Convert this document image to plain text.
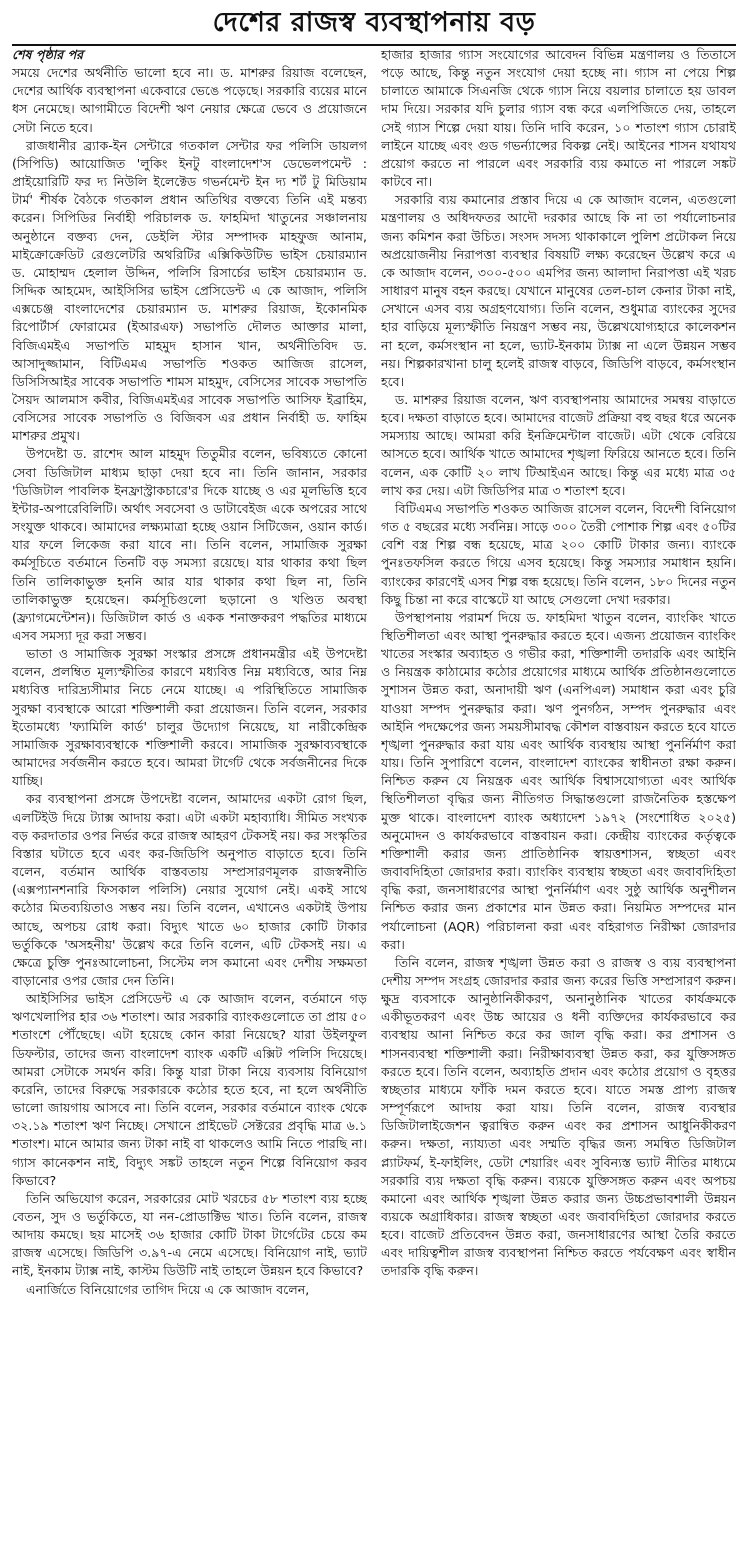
দেশের রাজস্ব ব্যবস্থাপনায় বড়

শেষ পৃষ্ঠার পর

সময়ে দেশের অর্থনীতি ভালো হবে না। ড. মাশরুর রিয়াজ বলেছেন, দেশের আর্থিক ব্যবস্থাপনা একেবারে ভেঙে পড়েছে। সরকারি ব্যয়ের মানে ধস নেমেছে। আগামীতে বিদেশী ঋণ নেয়ার ক্ষেত্রে ভেবে ও প্রয়োজনে সেটা নিতে হবে।

রাজধানীর ব্র্যাক-ইন সেন্টারে গতকাল সেন্টার ফর পলিসি ডায়লগ (সিপিডি) আয়োজিত 'লুকিং ইনটু বাংলাদেশ'স ডেভেলপমেন্ট : প্রাইয়োরিটি ফর দ্য নিউলি ইলেক্টেড গভর্নমেন্ট ইন দ্য শর্ট টু মিডিয়াম টার্ম' শীর্ষক বৈঠকে গতকাল প্রধান অতিথির বক্তব্যে তিনি এই মন্তব্য করেন। সিপিডির নির্বাহী পরিচালক ড. ফাহমিদা খাতুনের সঞ্চালনায় অনুষ্ঠানে বক্তব্য দেন, ডেইলি স্টার সম্পাদক মাহফুজ আনাম, মাইক্রোক্রেডিট রেগুলেটরি অথরিটির এক্সিকিউটিভ ভাইস চেয়ারম্যান ড. মোহাম্মদ হেলাল উদ্দিন, পলিসি রিসার্চের ভাইস চেয়ারম্যান ড. সিদ্দিক আহমেদ, আইসিসির ভাইস প্রেসিডেন্ট এ কে আজাদ, পলিসি এক্সচেঞ্জ বাংলাদেশের চেয়ারম্যান ড. মাশরুর রিয়াজ, ইকোনমিক রিপোর্টার্স ফোরামের (ইআরএফ) সভাপতি দৌলত আক্তার মালা, বিজিএমইএ সভাপতি মাহমুদ হাসান খান, অর্থনীতিবিদ ড. আসাদুজ্জামান, বিটিএমএ সভাপতি শওকত আজিজ রাসেল, ডিসিসিআইর সাবেক সভাপতি শামস মাহমুদ, বেসিসের সাবেক সভাপতি সৈয়দ আলমাস কবীর, বিজিএমইএর সাবেক সভাপতি আসিফ ইব্রাহিম, বেসিসের সাবেক সভাপতি ও বিজিবস এর প্রধান নির্বাহী ড. ফাহিম মাশরুর প্রমুখ।

উপদেষ্টা ড. রাশেদ আল মাহমুদ তিতুমীর বলেন, ভবিষ্যতে কোনো সেবা ডিজিটাল মাধ্যম ছাড়া দেয়া হবে না। তিনি জানান, সরকার 'ডিজিটাল পাবলিক ইনফ্রাস্ট্রাকচারে'র দিকে যাচ্ছে ও এর মূলভিত্তি হবে ইন্টার-অপারেবিলিটি। অর্থাৎ সবসেবা ও ডাটাবেইজ একে অপরের সাথে সংযুক্ত থাকবে। আমাদের লক্ষ্যমাত্রা হচ্ছে ওয়ান সিটিজেন, ওয়ান কার্ড। যার ফলে লিকেজ করা যাবে না। তিনি বলেন, সামাজিক সুরক্ষা কর্মসূচিতে বর্তমানে তিনটি বড় সমস্যা রয়েছে। যার থাকার কথা ছিল তিনি তালিকাভুক্ত হননি আর যার থাকার কথা ছিল না, তিনি তালিকাভুক্ত হয়েছেন। কর্মসূচিগুলো ছড়ানো ও খণ্ডিত অবস্থা (ফ্র্যাগমেন্টেশন)। ডিজিটাল কার্ড ও একক শনাক্তকরণ পদ্ধতির মাধ্যমে এসব সমস্যা দূর করা সম্ভব।

ভাতা ও সামাজিক সুরক্ষা সংস্কার প্রসঙ্গে প্রধানমন্ত্রীর এই উপদেষ্টা বলেন, প্রলম্বিত মূল্যস্ফীতির কারণে মধ্যবিত্ত নিম্ন মধ্যবিত্তে, আর নিম্ন মধ্যবিত্ত দারিদ্র্যসীমার নিচে নেমে যাচ্ছে। এ পরিস্থিতিতে সামাজিক সুরক্ষা ব্যবস্থাকে আরো শক্তিশালী করা প্রয়োজন। তিনি বলেন, সরকার ইতোমধ্যে 'ফ্যামিলি কার্ড' চালুর উদ্যোগ নিয়েছে, যা নারীকেন্দ্রিক সামাজিক সুরক্ষাব্যবস্থাকে শক্তিশালী করবে। সামাজিক সুরক্ষাব্যবস্থাকে আমাদের সর্বজনীন করতে হবে। আমরা টার্গেট থেকে সর্বজনীনের দিকে যাচ্ছি।

কর ব্যবস্থাপনা প্রসঙ্গে উপদেষ্টা বলেন, আমাদের একটা রোগ ছিল, এলটিইউ দিয়ে ট্যাক্স আদায় করা। এটা একটা মহাব্যাধি। সীমিত সংখ্যক বড় করদাতার ওপর নির্ভর করে রাজস্ব আহরণ টেকসই নয়। কর সংস্কৃতির বিস্তার ঘটাতে হবে এবং কর-জিডিপি অনুপাত বাড়াতে হবে। তিনি বলেন, বর্তমান আর্থিক বাস্তবতায় সম্প্রসারণমূলক রাজস্বনীতি (এক্সপ্যানশনারি ফিসকাল পলিসি) নেয়ার সুযোগ নেই। একই সাথে কঠোর মিতব্যয়িতাও সম্ভব নয়। তিনি বলেন, এখানেও একটাই উপায় আছে, অপচয় রোধ করা। বিদ্যুৎ খাতে ৬০ হাজার কোটি টাকার ভর্তুকিকে 'অসহনীয়' উল্লেখ করে তিনি বলেন, এটি টেকসই নয়। এ ক্ষেত্রে চুক্তি পুনঃআলোচনা, সিস্টেম লস কমানো এবং দেশীয় সক্ষমতা বাড়ানোর ওপর জোর দেন তিনি।

আইসিসির ভাইস প্রেসিডেন্ট এ কে আজাদ বলেন, বর্তমানে গড় ঋণখেলাপির হার ৩৬ শতাংশ। আর সরকারি ব্যাংকগুলোতে তা প্রায় ৫০ শতাংশে পৌঁছেছে। এটা হয়েছে কোন কারা নিয়েছে? যারা উইলফুল ডিফল্টার, তাদের জন্য বাংলাদেশ ব্যাংক একটি এক্সিট পলিসি দিয়েছে। আমরা সেটাকে সমর্থন করি। কিন্তু যারা টাকা নিয়ে ব্যবসায় বিনিয়োগ করেনি, তাদের বিরুদ্ধে সরকারকে কঠোর হতে হবে, না হলে অর্থনীতি ভালো জায়গায় আসবে না। তিনি বলেন, সরকার বর্তমানে ব্যাংক থেকে ৩২.১৯ শতাংশ ঋণ নিচ্ছে। সেখানে প্রাইভেট সেক্টরের প্রবৃদ্ধি মাত্র ৬.১ শতাংশ। মানে আমার জন্য টাকা নাই বা থাকলেও আমি নিতে পারছি না। গ্যাস কানেকশন নাই, বিদ্যুৎ সঙ্কট তাহলে নতুন শিল্পে বিনিয়োগ করব কিভাবে?

তিনি অভিযোগ করেন, সরকারের মোট খরচের ৫৮ শতাংশ ব্যয় হচ্ছে বেতন, সুদ ও ভর্তুকিতে, যা নন-প্রোডাক্টিভ খাত। তিনি বলেন, রাজস্ব আদায় কমছে। ছয় মাসেই ৩৬ হাজার কোটি টাকা টার্গেটের চেয়ে কম রাজস্ব এসেছে। জিডিপি ৩.৯৭-এ নেমে এসেছে। বিনিয়োগ নাই, ভ্যাট নাই, ইনকাম ট্যাক্স নাই, কাস্টম ডিউটি নাই তাহলে উন্নয়ন হবে কিভাবে?

এনার্জিতে বিনিয়োগের তাগিদ দিয়ে এ কে আজাদ বলেন,

হাজার হাজার গ্যাস সংযোগের আবেদন বিভিন্ন মন্ত্রণালয় ও তিতাসে পড়ে আছে, কিন্তু নতুন সংযোগ দেয়া হচ্ছে না। গ্যাস না পেয়ে শিল্প চালাতে আমাকে সিএনজি থেকে গ্যাস নিয়ে বয়লার চালাতে হয় ডাবল দাম দিয়ে। সরকার যদি চুলার গ্যাস বন্ধ করে এলপিজিতে দেয়, তাহলে সেই গ্যাস শিল্পে দেয়া যায়। তিনি দাবি করেন, ১০ শতাংশ গ্যাস চোরাই লাইনে যাচ্ছে এবং গুড গভর্ন্যান্সের বিকল্প নেই। আইনের শাসন যথাযথ প্রয়োগ করতে না পারলে এবং সরকারি ব্যয় কমাতে না পারলে সঙ্কট কাটবে না।

সরকারি ব্যয় কমানোর প্রস্তাব দিয়ে এ কে আজাদ বলেন, এতগুলো মন্ত্রণালয় ও অধিদফতর আদৌ দরকার আছে কি না তা পর্যালোচনার জন্য কমিশন করা উচিত। সংসদ সদস্য থাকাকালে পুলিশ প্রটোকল নিয়ে অপ্রয়োজনীয় নিরাপত্তা ব্যবস্থার বিষয়টি লক্ষ্য করেছেন উল্লেখ করে এ কে আজাদ বলেন, ৩০০-৫০০ এমপির জন্য আলাদা নিরাপত্তা এই খরচ সাধারণ মানুষ বহন করছে। যেখানে মানুষের তেল-চাল কেনার টাকা নাই, সেখানে এসব ব্যয় অগ্রহণযোগ্য। তিনি বলেন, শুধুমাত্র ব্যাংকের সুদের হার বাড়িয়ে মূল্যস্ফীতি নিয়ন্ত্রণ সম্ভব নয়, উল্লেখযোগ্যহারে কালেকশন না হলে, কর্মসংস্থান না হলে, ভ্যাট-ইনকাম ট্যাক্স না এলে উন্নয়ন সম্ভব নয়। শিল্পকারখানা চালু হলেই রাজস্ব বাড়বে, জিডিপি বাড়বে, কর্মসংস্থান হবে।

ড. মাশরুর রিয়াজ বলেন, ঋণ ব্যবস্থাপনায় আমাদের সমন্বয় বাড়াতে হবে। দক্ষতা বাড়াতে হবে। আমাদের বাজেট প্রক্রিয়া বহু বছর ধরে অনেক সমস্যায় আছে। আমরা করি ইনক্রিমেন্টাল বাজেট। এটা থেকে বেরিয়ে আসতে হবে। আর্থিক খাতে আমাদের শৃঙ্খলা ফিরিয়ে আনতে হবে। তিনি বলেন, এক কোটি ২০ লাখ টিআইএন আছে। কিন্তু এর মধ্যে মাত্র ৩৫ লাখ কর দেয়। এটা জিডিপির মাত্র ৩ শতাংশ হবে।

বিটিএমএ সভাপতি শওকত আজিজ রাসেল বলেন, বিদেশী বিনিয়োগ গত ৫ বছরের মধ্যে সর্বনিম্ন। সাড়ে ৩০০ তৈরী পোশাক শিল্প এবং ৫০টির বেশি বস্ত্র শিল্প বন্ধ হয়েছে, মাত্র ২০০ কোটি টাকার জন্য। ব্যাংকে পুনঃতফসিল করতে গিয়ে এসব হয়েছে। কিন্তু সমস্যার সমাধান হয়নি। ব্যাংকের কারণেই এসব শিল্প বন্ধ হয়েছে। তিনি বলেন, ১৮০ দিনের নতুন কিছু চিন্তা না করে বাস্কেটে যা আছে সেগুলো দেখা দরকার।

উপস্থাপনায় পরামর্শ দিয়ে ড. ফাহমিদা খাতুন বলেন, ব্যাংকিং খাতে স্থিতিশীলতা এবং আস্থা পুনরুদ্ধার করতে হবে। এজন্য প্রয়োজন ব্যাংকিং খাতের সংস্কার অব্যাহত ও গভীর করা, শক্তিশালী তদারকি এবং আইনি ও নিয়ন্ত্রক কাঠামোর কঠোর প্রয়োগের মাধ্যমে আর্থিক প্রতিষ্ঠানগুলোতে সুশাসন উন্নত করা, অনাদায়ী ঋণ (এনপিএল) সমাধান করা এবং চুরি যাওয়া সম্পদ পুনরুদ্ধার করা। ঋণ পুনর্গঠন, সম্পদ পুনরুদ্ধার এবং আইনি পদক্ষেপের জন্য সময়সীমাবদ্ধ কৌশল বাস্তবায়ন করতে হবে যাতে শৃঙ্খলা পুনরুদ্ধার করা যায় এবং আর্থিক ব্যবস্থায় আস্থা পুনর্নির্মাণ করা যায়। তিনি সুপারিশে বলেন, বাংলাদেশ ব্যাংকের স্বাধীনতা রক্ষা করুন। নিশ্চিত করুন যে নিয়ন্ত্রক এবং আর্থিক বিশ্বাসযোগ্যতা এবং আর্থিক স্থিতিশীলতা বৃদ্ধির জন্য নীতিগত সিদ্ধান্তগুলো রাজনৈতিক হস্তক্ষেপ মুক্ত থাকে। বাংলাদেশ ব্যাংক অধ্যাদেশ ১৯৭২ (সংশোধিত ২০২৫) অনুমোদন ও কার্যকরভাবে বাস্তবায়ন করা। কেন্দ্রীয় ব্যাংকের কর্তৃত্বকে শক্তিশালী করার জন্য প্রাতিষ্ঠানিক স্বায়ত্তশাসন, স্বচ্ছতা এবং জবাবদিহিতা জোরদার করা। ব্যাংকিং ব্যবস্থায় স্বচ্ছতা এবং জবাবদিহিতা বৃদ্ধি করা, জনসাধারণের আস্থা পুনর্নির্মাণ এবং সুষ্ঠু আর্থিক অনুশীলন নিশ্চিত করার জন্য প্রকাশের মান উন্নত করা। নিয়মিত সম্পদের মান পর্যালোচনা (AQR) পরিচালনা করা এবং বহিরাগত নিরীক্ষা জোরদার করা।

তিনি বলেন, রাজস্ব শৃঙ্খলা উন্নত করা ও রাজস্ব ও ব্যয় ব্যবস্থাপনা দেশীয় সম্পদ সংগ্রহ জোরদার করার জন্য করের ভিত্তি সম্প্রসারণ করুন। ক্ষুদ্র ব্যবসাকে আনুষ্ঠানিকীকরণ, অনানুষ্ঠানিক খাতের কার্যক্রমকে একীভূতকরণ এবং উচ্চ আয়ের ও ধনী ব্যক্তিদের কার্যকরভাবে কর ব্যবস্থায় আনা নিশ্চিত করে কর জাল বৃদ্ধি করা। কর প্রশাসন ও শাসনব্যবস্থা শক্তিশালী করা। নিরীক্ষাব্যবস্থা উন্নত করা, কর যুক্তিসঙ্গত করতে হবে। তিনি বলেন, অব্যাহতি প্রদান এবং কঠোর প্রয়োগ ও বৃহত্তর স্বচ্ছতার মাধ্যমে ফাঁকি দমন করতে হবে। যাতে সমস্ত প্রাপ্য রাজস্ব সম্পূর্ণরূপে আদায় করা যায়। তিনি বলেন, রাজস্ব ব্যবস্থার ডিজিটালাইজেশন ত্বরান্বিত করুন এবং কর প্রশাসন আধুনিকীকরণ করুন। দক্ষতা, ন্যায্যতা এবং সম্মতি বৃদ্ধির জন্য সমন্বিত ডিজিটাল প্ল্যাটফর্ম, ই-ফাইলিং, ডেটা শেয়ারিং এবং সুবিন্যস্ত ভ্যাট নীতির মাধ্যমে সরকারি ব্যয় দক্ষতা বৃদ্ধি করুন। ব্যয়কে যুক্তিসঙ্গত করুন এবং অপচয় কমানো এবং আর্থিক শৃঙ্খলা উন্নত করার জন্য উচ্চপ্রভাবশালী উন্নয়ন ব্যয়কে অগ্রাধিকার। রাজস্ব স্বচ্ছতা এবং জবাবদিহিতা জোরদার করতে হবে। বাজেট প্রতিবেদন উন্নত করা, জনসাধারণের আস্থা তৈরি করতে এবং দায়িত্বশীল রাজস্ব ব্যবস্থাপনা নিশ্চিত করতে পর্যবেক্ষণ এবং স্বাধীন তদারকি বৃদ্ধি করুন।
